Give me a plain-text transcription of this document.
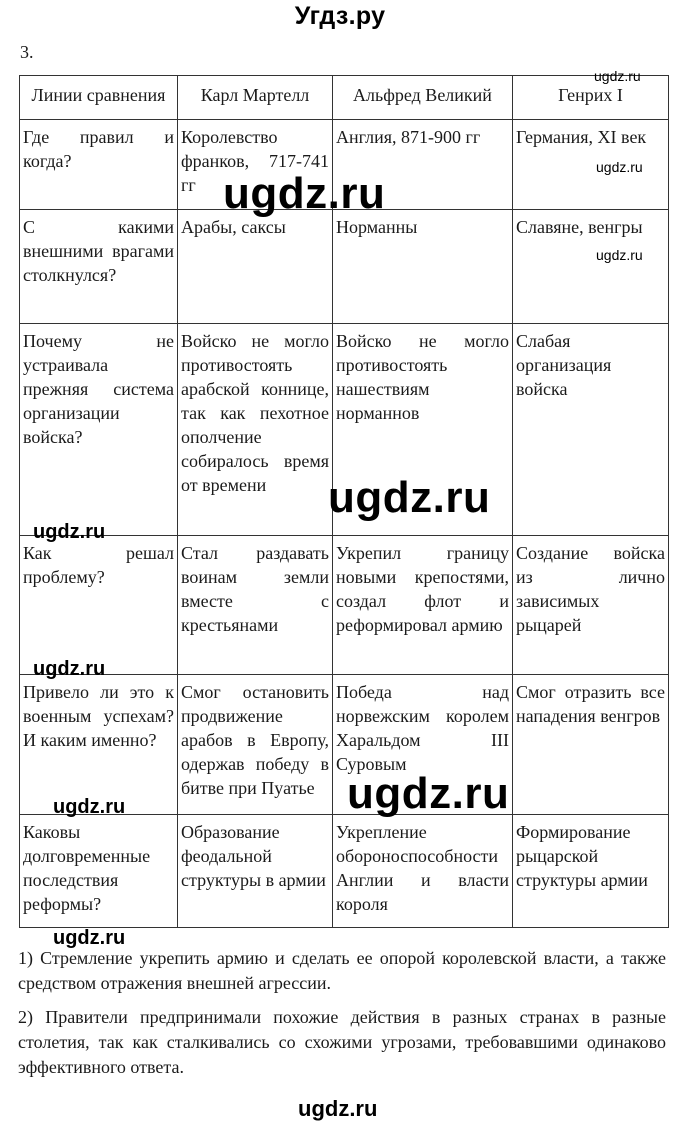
Угдз.ру
3.
Линии сравнения	Карл Мартелл	Альфред Великий	Генрих I
Где правил и когда?	Королевство франков, 717-741 гг	Англия, 871-900 гг	Германия, XI век
С какими внешними врагами столкнулся?	Арабы, саксы	Норманны	Славяне, венгры
Почему не устраивала прежняя система организации войска?	Войско не могло противостоять арабской коннице, так как пехотное ополчение собиралось время от времени	Войско не могло противостоять нашествиям норманнов	Слабая организация войска
Как решал проблему?	Стал раздавать воинам земли вместе с крестьянами	Укрепил границу новыми крепостями, создал флот и реформировал армию	Создание войска из лично зависимых рыцарей
Привело ли это к военным успехам? И каким именно?	Смог остановить продвижение арабов в Европу, одержав победу в битве при Пуатье	Победа над норвежским королем Харальдом III Суровым	Смог отразить все нападения венгров
Каковы долговременные последствия реформы?	Образование феодальной структуры в армии	Укрепление обороноспособности Англии и власти короля	Формирование рыцарской структуры армии

1) Стремление укрепить армию и сделать ее опорой королевской власти, а также средством отражения внешней агрессии.

2) Правители предпринимали похожие действия в разных странах в разные столетия, так как сталкивались со схожими угрозами, требовавшими одинаково эффективного ответа.

ugdz.ru
ugdz.ru
ugdz.ru
ugdz.ru
ugdz.ru
ugdz.ru
ugdz.ru
ugdz.ru
ugdz.ru
ugdz.ru
ugdz.ru
